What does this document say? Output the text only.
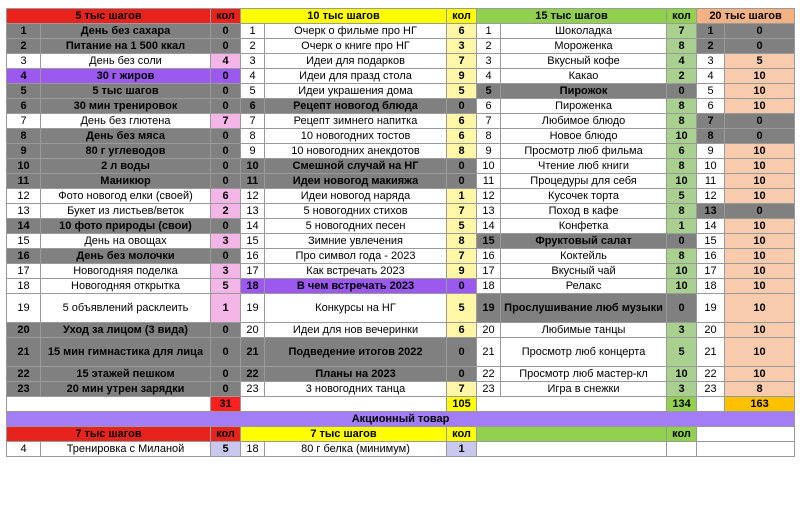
5 тыс шагов		кол	10 тыс шагов		кол	15 тыс шагов		кол	20 тыс шагов	
1	День без сахара	0	1	Очерк о фильме про НГ	6	1	Шоколадка	7	1	0
2	Питание на 1 500 ккал	0	2	Очерк о книге про НГ	3	2	Мороженка	8	2	0
3	День без соли	4	3	Идеи для подарков	7	3	Вкусный кофе	4	3	5
4	30 г жиров	0	4	Идеи для празд стола	9	4	Какао	2	4	10
5	5 тыс шагов	0	5	Идеи украшения дома	5	5	Пирожок	0	5	10
6	30 мин тренировок	0	6	Рецепт новогод блюда	0	6	Пироженка	8	6	10
7	День без глютена	7	7	Рецепт зимнего напитка	6	7	Любимое блюдо	8	7	0
8	День без мяса	0	8	10 новогодних тостов	6	8	Новое блюдо	10	8	0
9	80 г углеводов	0	9	10 новогодних анекдотов	8	9	Просмотр люб фильма	6	9	10
10	2 л воды	0	10	Смешной случай на НГ	0	10	Чтение люб книги	8	10	10
11	Маникюр	0	11	Идеи новогод макияжа	0	11	Процедуры для себя	10	11	10
12	Фото новогод елки (своей)	6	12	Идеи новогод наряда	1	12	Кусочек торта	5	12	10
13	Букет из листьев/веток	2	13	5 новогодних стихов	7	13	Поход в кафе	8	13	0
14	10 фото природы (свои)	0	14	5 новогодних песен	5	14	Конфетка	1	14	10
15	День на овощах	3	15	Зимние увлечения	8	15	Фруктовый салат	0	15	10
16	День без молочки	0	16	Про символ года - 2023	7	16	Коктейль	8	16	10
17	Новогодняя поделка	3	17	Как встречать 2023	9	17	Вкусный чай	10	17	10
18	Новогодняя открытка	5	18	В чем встречать 2023	0	18	Релакс	10	18	10
19	5 объявлений расклеить	1	19	Конкурсы на НГ	5	19	Прослушивание люб музыки	0	19	10
20	Уход за лицом (3 вида)	0	20	Идеи для нов вечеринки	6	20	Любимые танцы	3	20	10
21	15 мин гимнастика для лица	0	21	Подведение итогов 2022	0	21	Просмотр люб концерта	5	21	10
22	15 этажей пешком	0	22	Планы на 2023	0	22	Просмотр люб мастер-кл	10	22	10
23	20 мин утрен зарядки	0	23	3 новогодних танца	7	23	Игра в снежки	3	23	8
		31			105			134		163
Акционный товар										
7 тыс шагов		кол	7 тыс шагов		кол			кол		
4	Тренировка с Миланой	5	18	80 г белка (минимум)	1					
